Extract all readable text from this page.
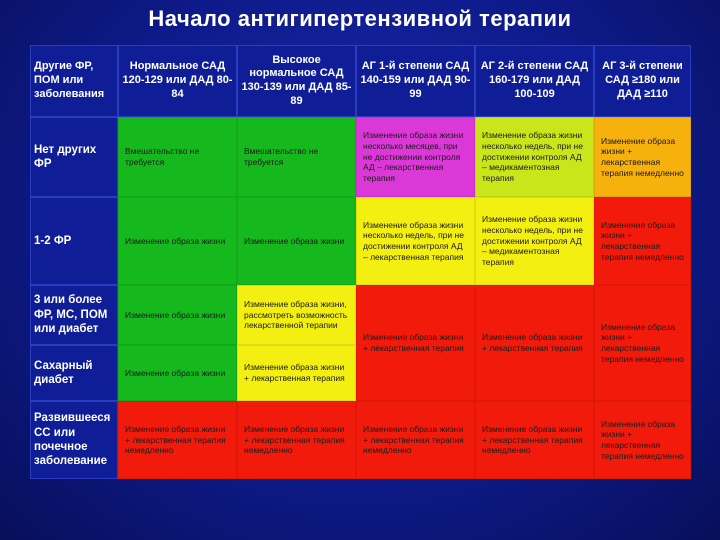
Начало антигипертензивной терапии
Другие ФР, ПОМ или заболевания
Нормальное САД 120-129 или ДАД 80-84
Высокое нормальное САД 130-139 или ДАД 85-89
АГ 1-й степени САД 140-159 или ДАД 90-99
АГ 2-й степени САД 160-179 или ДАД 100-109
АГ 3-й степени САД ≥180 или ДАД ≥110
Нет других ФР
Вмешательство не требуется
Вмешательство не требуется
Изменение образа жизни несколько месяцев, при не достижении контроля АД – лекарственная терапия
Изменение образа жизни несколько недель, при не достижении контроля АД – медикаментозная терапия
Изменение образа жизни + лекарственная терапия немедленно
1-2 ФР	Изменение образа жизни	Изменение образа жизни
Изменение образа жизни несколько недель, при не достижении контроля АД – лекарственная терапия
Изменение образа жизни несколько недель, при не достижении контроля АД – медикаментозная терапия
Изменение образа жизни + лекарственная терапия немедленно
3 или более ФР, МС, ПОМ или диабет
Изменение образа жизни
Изменение образа жизни, рассмотреть возможность лекарственной терапии
Изменение образа жизни + лекарственная терапия
Изменение образа жизни + лекарственная терапия
Изменение образа жизни + лекарственная терапия немедленно
Сахарный диабет
Изменение образа жизни
Изменение образа жизни + лекарственная терапия
Развившееся СС или почечное заболевание
Изменение образа жизни + лекарственная терапия немедленно
Изменение образа жизни + лекарственная терапия немедленно
Изменение образа жизни + лекарственная терапия немедленно
Изменение образа жизни + лекарственная терапия немедленно
Изменение образа жизни + лекарственная терапия немедленно
